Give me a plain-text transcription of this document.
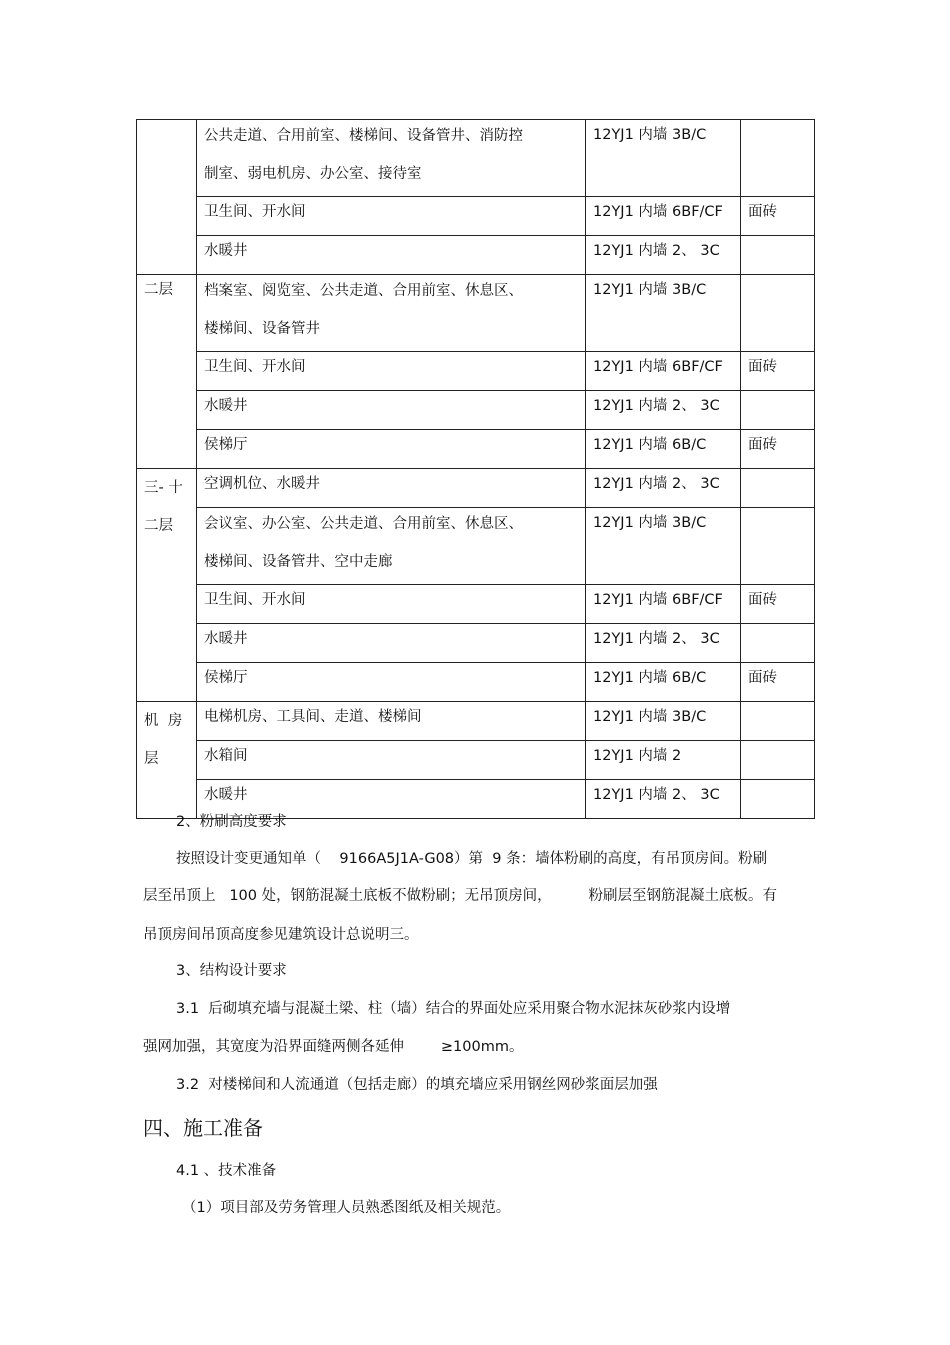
	公共走道、合用前室、楼梯间、设备管井、消防控
制室、弱电机房、办公室、接待室	12YJ1 内墙 3B/C	

	卫生间、开水间	12YJ1 内墙 6BF/CF	面砖

	水暖井	12YJ1 内墙 2、 3C	

二层	档案室、阅览室、公共走道、合用前室、休息区、
楼梯间、设备管井	12YJ1 内墙 3B/C	

	卫生间、开水间	12YJ1 内墙 6BF/CF	面砖

	水暖井	12YJ1 内墙 2、 3C	

	侯梯厅	12YJ1 内墙 6B/C	面砖

三- 十
二层	空调机位、水暖井	12YJ1 内墙 2、 3C	

	会议室、办公室、公共走道、合用前室、休息区、
楼梯间、设备管井、空中走廊	12YJ1 内墙 3B/C	

	卫生间、开水间	12YJ1 内墙 6BF/CF	面砖

	水暖井	12YJ1 内墙 2、 3C	

	侯梯厅	12YJ1 内墙 6B/C	面砖

机  房
层	电梯机房、工具间、走道、楼梯间	12YJ1 内墙 3B/C	

	水箱间	12YJ1 内墙 2	

	水暖井	12YJ1 内墙 2、 3C	

2、粉刷高度要求
按照设计变更通知单（    9166A5J1A-G08）第  9 条：墙体粉刷的高度，有吊顶房间。粉刷
层至吊顶上   100 处，钢筋混凝土底板不做粉刷；无吊顶房间，        粉刷层至钢筋混凝土底板。有
吊顶房间吊顶高度参见建筑设计总说明三。
3、结构设计要求
3.1  后砌填充墙与混凝土梁、柱（墙）结合的界面处应采用聚合物水泥抹灰砂浆内设增
强网加强，其宽度为沿界面缝两侧各延伸        ≥100mm。
3.2  对楼梯间和人流通道（包括走廊）的填充墙应采用钢丝网砂浆面层加强
四、施工准备
4.1 、技术准备
（1）项目部及劳务管理人员熟悉图纸及相关规范。
